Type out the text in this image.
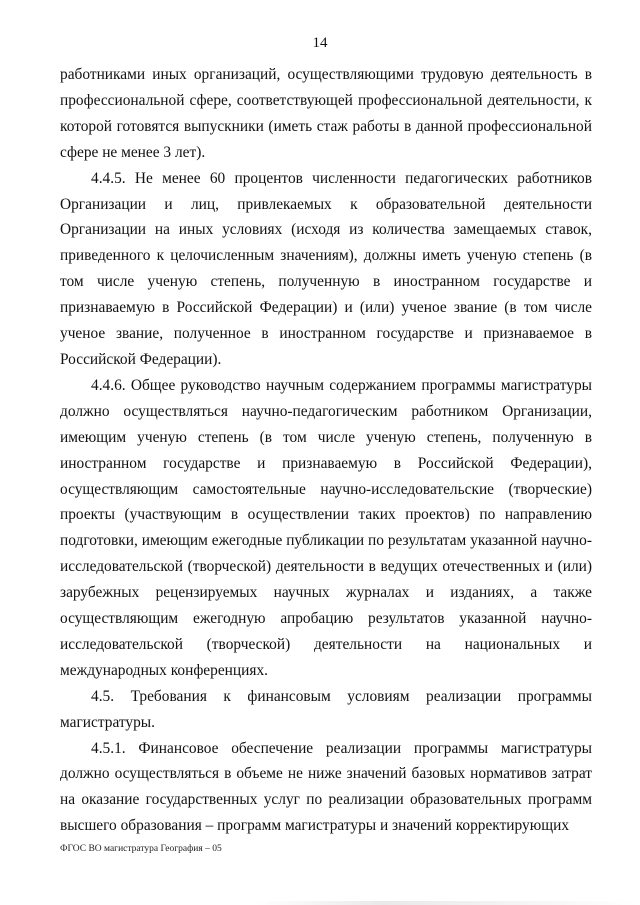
14

работниками иных организаций, осуществляющими трудовую деятельность в профессиональной сфере, соответствующей профессиональной деятельности, к которой готовятся выпускники (иметь стаж работы в данной профессиональной сфере не менее 3 лет).

4.4.5. Не менее 60 процентов численности педагогических работников Организации и лиц, привлекаемых к образовательной деятельности Организации на иных условиях (исходя из количества замещаемых ставок, приведенного к целочисленным значениям), должны иметь ученую степень (в том числе ученую степень, полученную в иностранном государстве и признаваемую в Российской Федерации) и (или) ученое звание (в том числе ученое звание, полученное в иностранном государстве и признаваемое в Российской Федерации).

4.4.6. Общее руководство научным содержанием программы магистратуры должно осуществляться научно-педагогическим работником Организации, имеющим ученую степень (в том числе ученую степень, полученную в иностранном государстве и признаваемую в Российской Федерации), осуществляющим самостоятельные научно-исследовательские (творческие) проекты (участвующим в осуществлении таких проектов) по направлению подготовки, имеющим ежегодные публикации по результатам указанной научно-исследовательской (творческой) деятельности в ведущих отечественных и (или) зарубежных рецензируемых научных журналах и изданиях, а также осуществляющим ежегодную апробацию результатов указанной научно-исследовательской (творческой) деятельности на национальных и международных конференциях.

4.5. Требования к финансовым условиям реализации программы магистратуры.

4.5.1. Финансовое обеспечение реализации программы магистратуры должно осуществляться в объеме не ниже значений базовых нормативов затрат на оказание государственных услуг по реализации образовательных программ высшего образования – программ магистратуры и значений корректирующих

ФГОС ВО магистратура География – 05
